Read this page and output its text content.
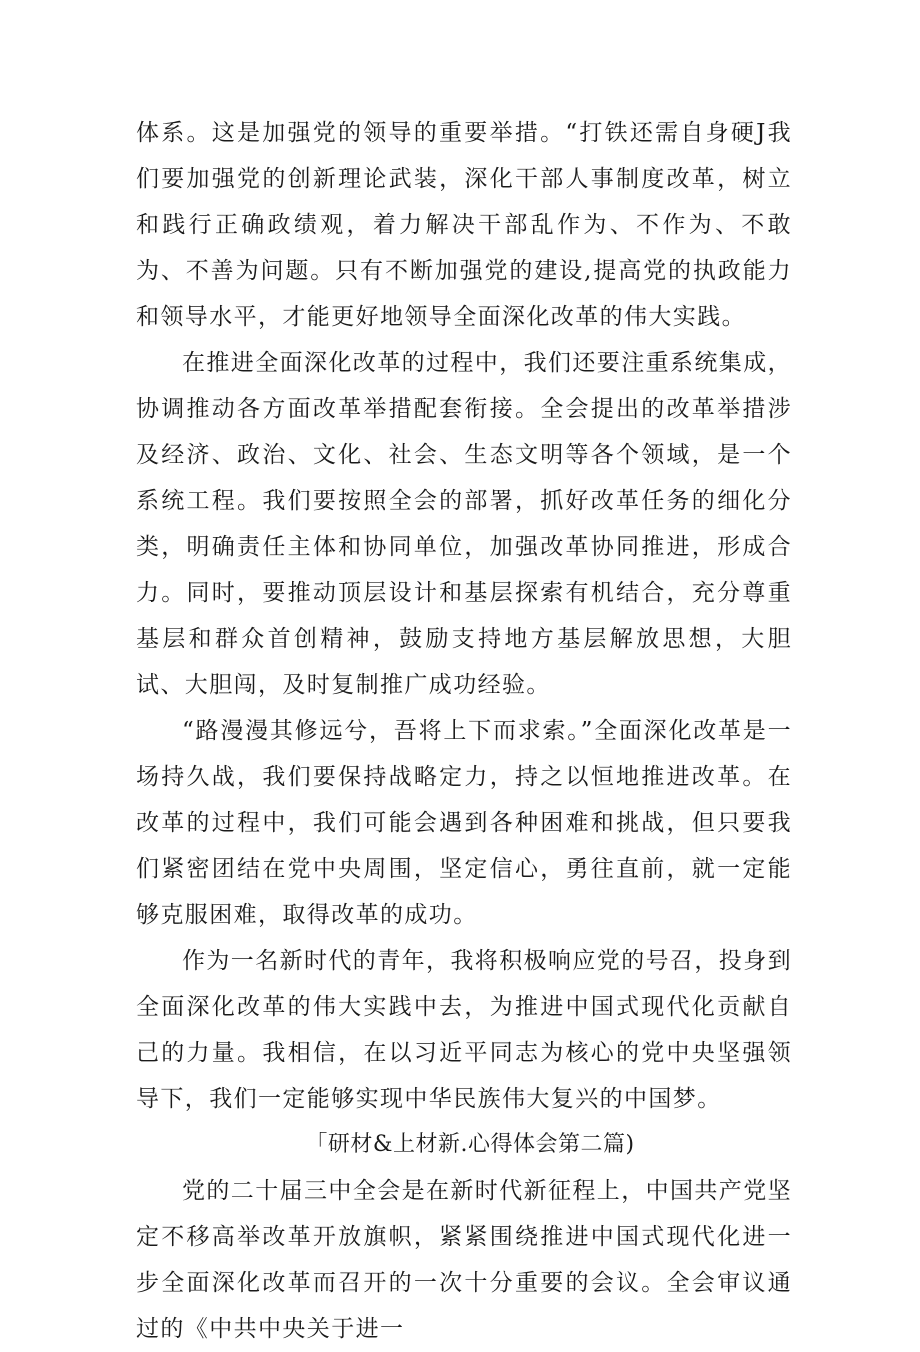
体系。这是加强党的领导的重要举措。“打铁还需自身硬J我们要加强党的创新理论武装，深化干部人事制度改革，树立和践行正确政绩观，着力解决干部乱作为、不作为、不敢为、不善为问题。只有不断加强党的建设,提高党的执政能力和领导水平，才能更好地领导全面深化改革的伟大实践。

在推进全面深化改革的过程中，我们还要注重系统集成，协调推动各方面改革举措配套衔接。全会提出的改革举措涉及经济、政治、文化、社会、生态文明等各个领域，是一个系统工程。我们要按照全会的部署，抓好改革任务的细化分类，明确责任主体和协同单位，加强改革协同推进，形成合力。同时，要推动顶层设计和基层探索有机结合，充分尊重基层和群众首创精神，鼓励支持地方基层解放思想，大胆试、大胆闯，及时复制推广成功经验。

“路漫漫其修远兮，吾将上下而求索。”全面深化改革是一场持久战，我们要保持战略定力，持之以恒地推进改革。在改革的过程中，我们可能会遇到各种困难和挑战，但只要我们紧密团结在党中央周围，坚定信心，勇往直前，就一定能够克服困难，取得改革的成功。

作为一名新时代的青年，我将积极响应党的号召，投身到全面深化改革的伟大实践中去，为推进中国式现代化贡献自己的力量。我相信，在以习近平同志为核心的党中央坚强领导下，我们一定能够实现中华民族伟大复兴的中国梦。

「研材&上材新.心得体会第二篇)

党的二十届三中全会是在新时代新征程上，中国共产党坚定不移高举改革开放旗帜，紧紧围绕推进中国式现代化进一步全面深化改革而召开的一次十分重要的会议。全会审议通过的《中共中央关于进一
